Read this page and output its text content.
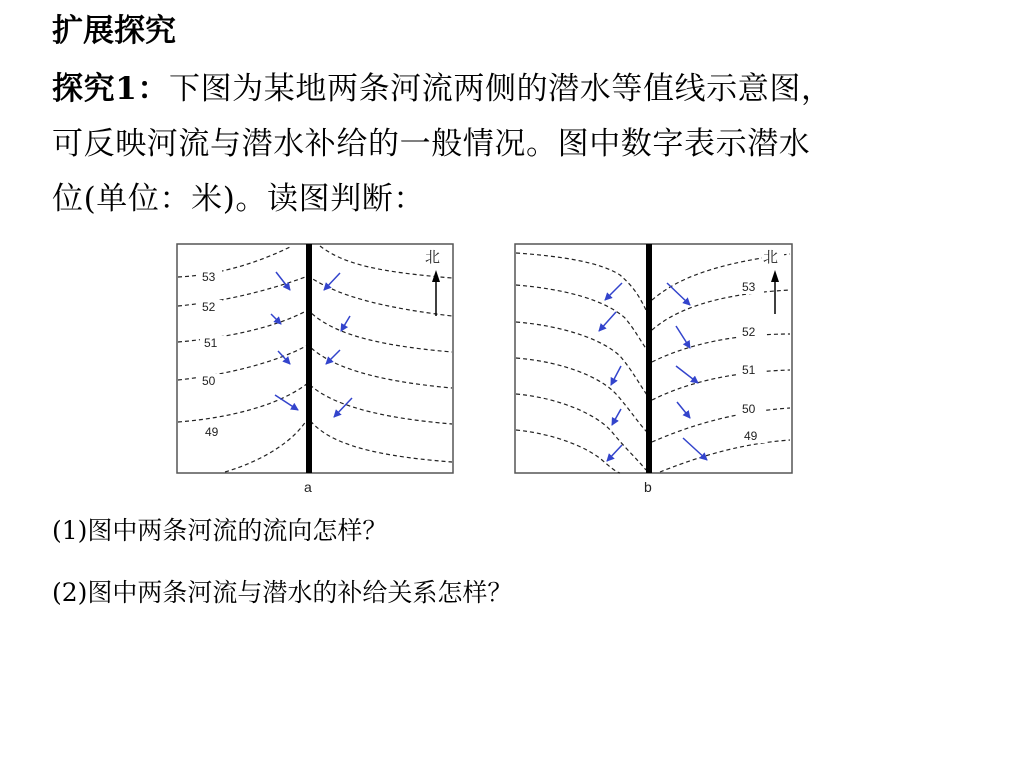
扩展探究
探究1：下图为某地两条河流两侧的潜水等值线示意图，
可反映河流与潜水补给的一般情况。图中数字表示潜水
位(单位：米)。读图判断：
53
52
51
50
49
北
a
53
52
51
50
49
北
b

(1)图中两条河流的流向怎样？

(2)图中两条河流与潜水的补给关系怎样？
